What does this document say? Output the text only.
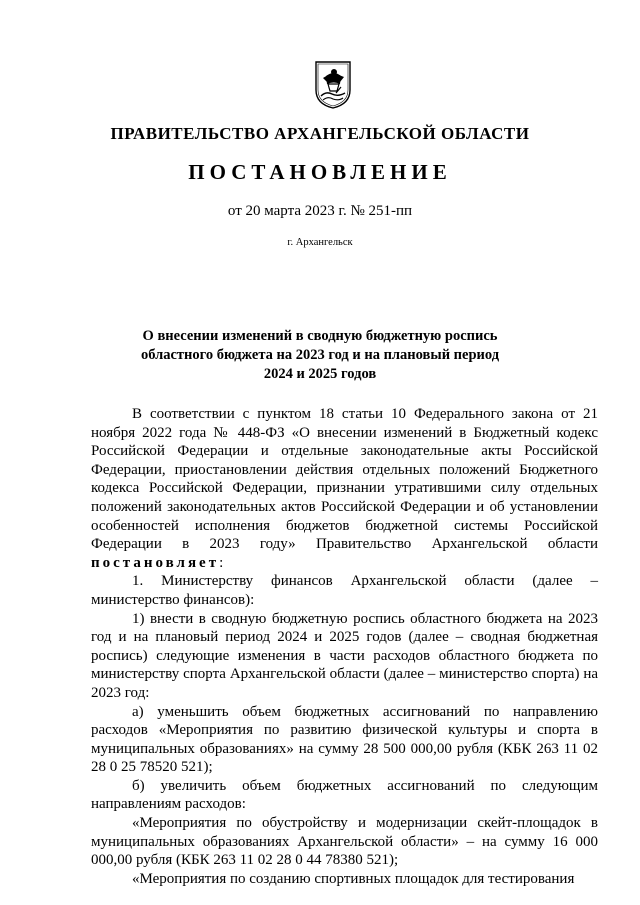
ПРАВИТЕЛЬСТВО АРХАНГЕЛЬСКОЙ ОБЛАСТИ
ПОСТАНОВЛЕНИЕ
от 20 марта 2023 г. № 251-пп
г. Архангельск
О внесении изменений в сводную бюджетную роспись
областного бюджета на 2023 год и на плановый период
2024 и 2025 годов

В соответствии с пунктом 18 статьи 10 Федерального закона от 21 ноября 2022 года № 448-ФЗ «О внесении изменений в Бюджетный кодекс Российской Федерации и отдельные законодательные акты Российской Федерации, приостановлении действия отдельных положений Бюджетного кодекса Российской Федерации, признании утратившими силу отдельных положений законодательных актов Российской Федерации и об установлении особенностей исполнения бюджетов бюджетной системы Российской Федерации в 2023 году» Правительство Архангельской области постановляет:

1. Министерству финансов Архангельской области (далее – министерство финансов):

1) внести в сводную бюджетную роспись областного бюджета на 2023 год и на плановый период 2024 и 2025 годов (далее – сводная бюджетная роспись) следующие изменения в части расходов областного бюджета по министерству спорта Архангельской области (далее – министерство спорта) на 2023 год:

а) уменьшить объем бюджетных ассигнований по направлению расходов «Мероприятия по развитию физической культуры и спорта в муниципальных образованиях» на сумму 28 500 000,00 рубля (КБК 263 11 02 28 0 25 78520 521);

б) увеличить объем бюджетных ассигнований по следующим направлениям расходов:

«Мероприятия по обустройству и модернизации скейт-площадок в муниципальных образованиях Архангельской области» – на сумму 16 000 000,00 рубля (КБК 263 11 02 28 0 44 78380 521);

«Мероприятия по созданию спортивных площадок для тестирования
